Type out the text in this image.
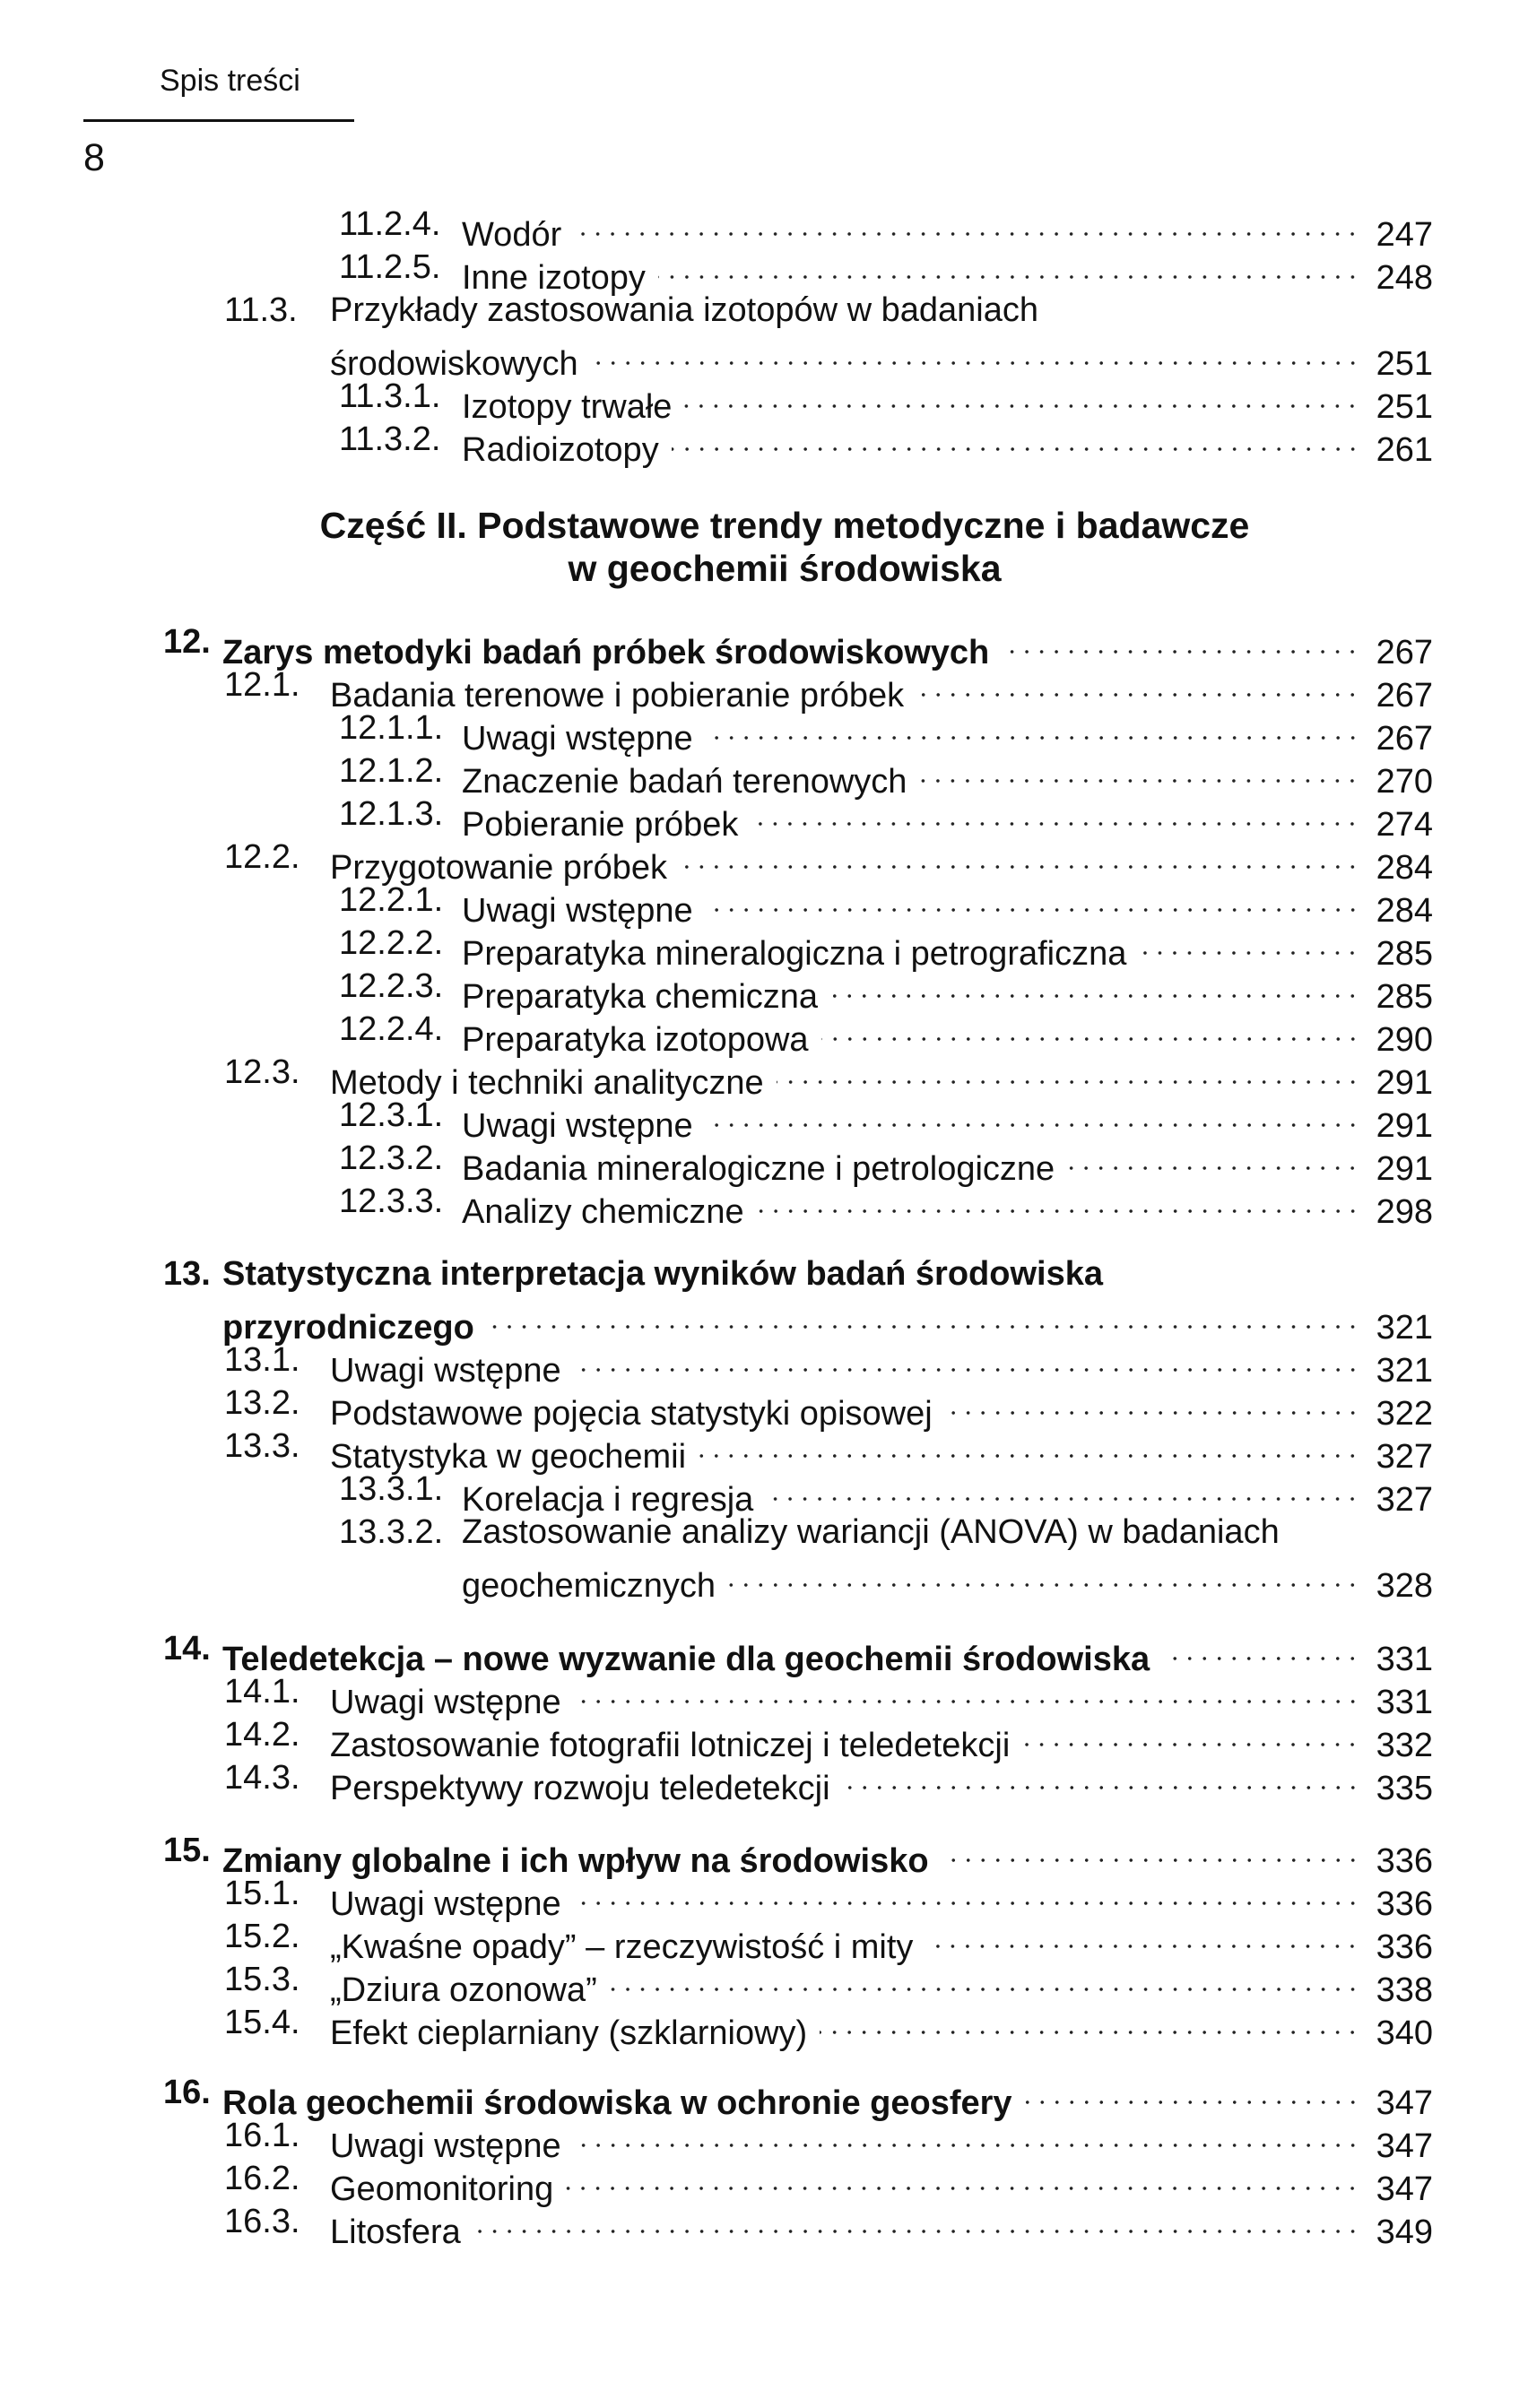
Spis treści
8
11.2.4. Wodór	247
11.2.5. Inne izotopy	248
11.3. Przykłady zastosowania izotopów w badaniach
środowiskowych	251
11.3.1. Izotopy trwałe	251
11.3.2. Radioizotopy	261
Część II. Podstawowe trendy metodyczne i badawcze
w geochemii środowiska
12. Zarys metodyki badań próbek środowiskowych	267
12.1. Badania terenowe i pobieranie próbek	267
12.1.1. Uwagi wstępne	267
12.1.2. Znaczenie badań terenowych	270
12.1.3. Pobieranie próbek	274
12.2. Przygotowanie próbek	284
12.2.1. Uwagi wstępne	284
12.2.2. Preparatyka mineralogiczna i petrograficzna	285
12.2.3. Preparatyka chemiczna	285
12.2.4. Preparatyka izotopowa	290
12.3. Metody i techniki analityczne	291
12.3.1. Uwagi wstępne	291
12.3.2. Badania mineralogiczne i petrologiczne	291
12.3.3. Analizy chemiczne	298
13. Statystyczna interpretacja wyników badań środowiska
przyrodniczego	321
13.1. Uwagi wstępne	321
13.2. Podstawowe pojęcia statystyki opisowej	322
13.3. Statystyka w geochemii	327
13.3.1. Korelacja i regresja	327
13.3.2. Zastosowanie analizy wariancji (ANOVA) w badaniach
geochemicznych	328
14. Teledetekcja – nowe wyzwanie dla geochemii środowiska	331
14.1. Uwagi wstępne	331
14.2. Zastosowanie fotografii lotniczej i teledetekcji	332
14.3. Perspektywy rozwoju teledetekcji	335
15. Zmiany globalne i ich wpływ na środowisko	336
15.1. Uwagi wstępne	336
15.2. „Kwaśne opady” – rzeczywistość i mity	336
15.3. „Dziura ozonowa”	338
15.4. Efekt cieplarniany (szklarniowy)	340
16. Rola geochemii środowiska w ochronie geosfery	347
16.1. Uwagi wstępne	347
16.2. Geomonitoring	347
16.3. Litosfera	349
